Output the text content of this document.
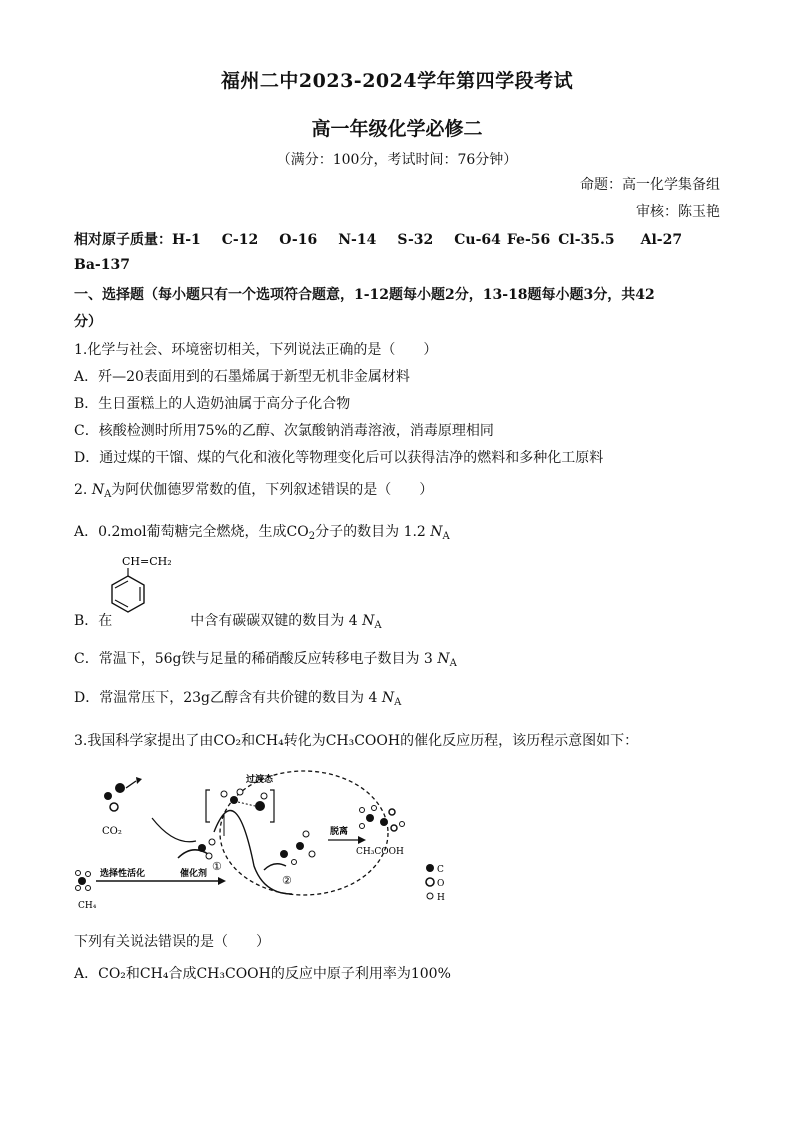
福州二中2023-2024学年第四学段考试
高一年级化学必修二
（满分：100分，考试时间：76分钟）
命题：高一化学集备组
审核：陈玉艳
相对原子质量：H-1 C-12 O-16 N-14 S-32 Cu-64 Fe-56 Cl-35.5 Al-27
Ba-137
一、选择题（每小题只有一个选项符合题意，1-12题每小题2分，13-18题每小题3分，共42
分）
1.化学与社会、环境密切相关，下列说法正确的是（　　）
A．歼—20表面用到的石墨烯属于新型无机非金属材料
B．生日蛋糕上的人造奶油属于高分子化合物
C．核酸检测时所用75%的乙醇、次氯酸钠消毒溶液，消毒原理相同
D．通过煤的干馏、煤的气化和液化等物理变化后可以获得洁净的燃料和多种化工原料
2. $N_A$为阿伏伽德罗常数的值，下列叙述错误的是（　　）
A．0.2mol葡萄糖完全燃烧，生成$CO_2$分子的数目为 1.2 $N_A$
CH=CH₂
B．在	中含有碳碳双键的数目为 4 $N_A$
C．常温下，56g铁与足量的稀硝酸反应转移电子数目为 3 $N_A$
D．常温常压下，23g乙醇含有共价键的数目为 4 $N_A$
3.我国科学家提出了由CO₂和CH₄转化为CH₃COOH的催化反应历程，该历程示意图如下：
CO₂
CH₄
选择性活化	催化剂
①
过渡态
②
脱离
CH₃COOH
C
O
H
下列有关说法错误的是（　　）
A．CO₂和CH₄合成CH₃COOH的反应中原子利用率为100%
